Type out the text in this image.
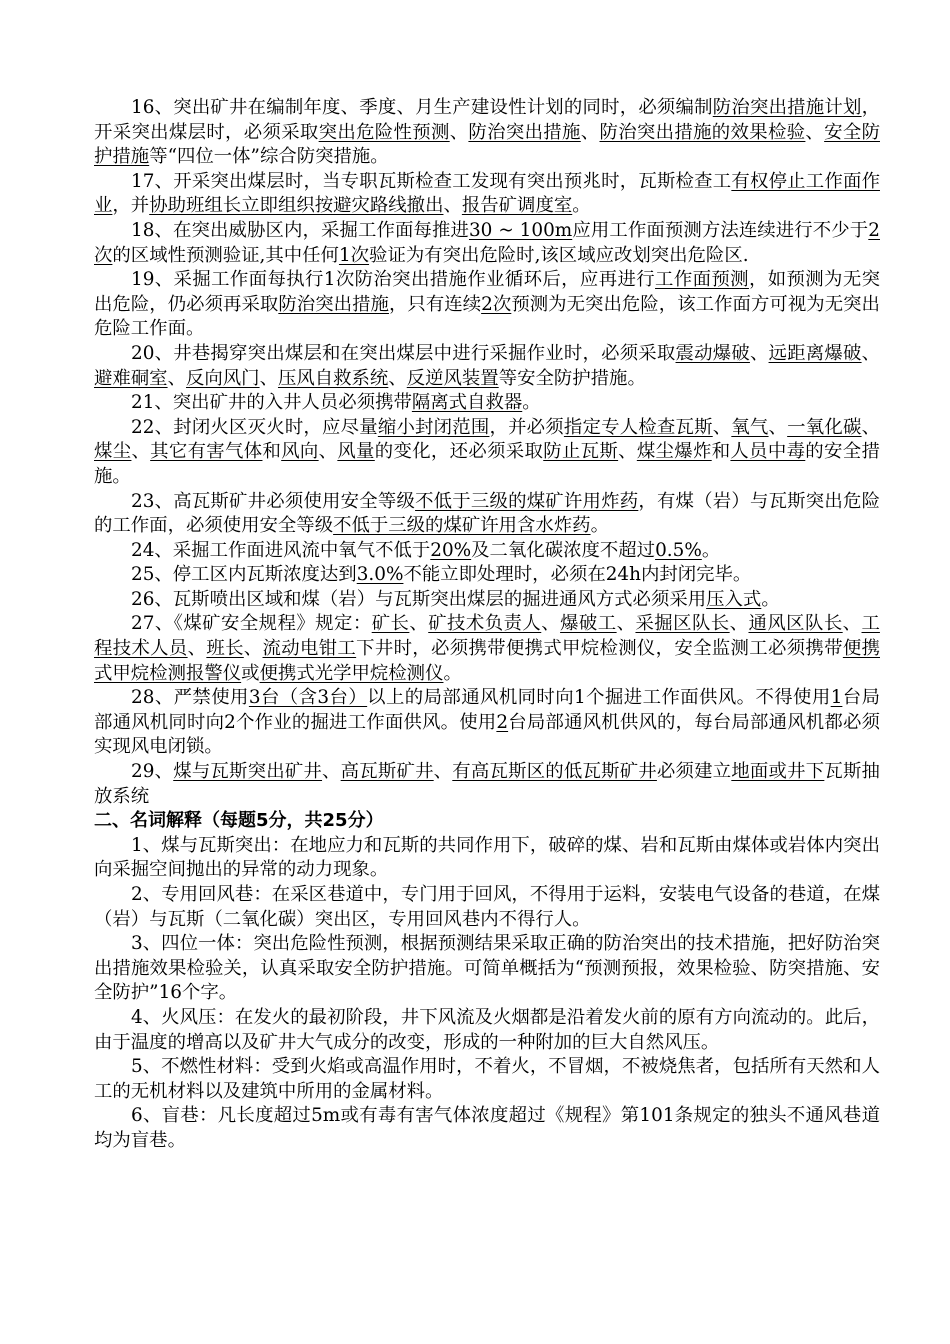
16、突出矿井在编制年度、季度、月生产建设性计划的同时，必须编制防治突出措施计划，开采突出煤层时，必须采取突出危险性预测、防治突出措施、防治突出措施的效果检验、安全防护措施等“四位一体”综合防突措施。

17、开采突出煤层时，当专职瓦斯检查工发现有突出预兆时，瓦斯检查工有权停止工作面作业，并协助班组长立即组织按避灾路线撤出、报告矿调度室。

18、在突出威胁区内，采掘工作面每推进30 ~ 100m应用工作面预测方法连续进行不少于2次的区域性预测验证,其中任何1次验证为有突出危险时,该区域应改划突出危险区.

19、采掘工作面每执行1次防治突出措施作业循环后，应再进行工作面预测，如预测为无突出危险，仍必须再采取防治突出措施，只有连续2次预测为无突出危险，该工作面方可视为无突出危险工作面。

20、井巷揭穿突出煤层和在突出煤层中进行采掘作业时，必须采取震动爆破、远距离爆破、避难硐室、反向风门、压风自救系统、反逆风装置等安全防护措施。

21、突出矿井的入井人员必须携带隔离式自救器。

22、封闭火区灭火时，应尽量缩小封闭范围，并必须指定专人检查瓦斯、氧气、一氧化碳、煤尘、其它有害气体和风向、风量的变化，还必须采取防止瓦斯、煤尘爆炸和人员中毒的安全措施。

23、高瓦斯矿井必须使用安全等级不低于三级的煤矿许用炸药，有煤（岩）与瓦斯突出危险的工作面，必须使用安全等级不低于三级的煤矿许用含水炸药。

24、采掘工作面进风流中氧气不低于20%及二氧化碳浓度不超过0.5%。

25、停工区内瓦斯浓度达到3.0%不能立即处理时，必须在24h内封闭完毕。

26、瓦斯喷出区域和煤（岩）与瓦斯突出煤层的掘进通风方式必须采用压入式。

27、《煤矿安全规程》规定：矿长、矿技术负责人、爆破工、采掘区队长、通风区队长、工程技术人员、班长、流动电钳工下井时，必须携带便携式甲烷检测仪，安全监测工必须携带便携式甲烷检测报警仪或便携式光学甲烷检测仪。

28、严禁使用3台（含3台）以上的局部通风机同时向1个掘进工作面供风。不得使用1台局部通风机同时向2个作业的掘进工作面供风。使用2台局部通风机供风的，每台局部通风机都必须实现风电闭锁。

29、煤与瓦斯突出矿井、高瓦斯矿井、有高瓦斯区的低瓦斯矿井必须建立地面或井下瓦斯抽放系统

二、名词解释（每题5分，共25分）

1、煤与瓦斯突出：在地应力和瓦斯的共同作用下，破碎的煤、岩和瓦斯由煤体或岩体内突出向采掘空间抛出的异常的动力现象。

2、专用回风巷：在采区巷道中，专门用于回风，不得用于运料，安装电气设备的巷道，在煤（岩）与瓦斯（二氧化碳）突出区，专用回风巷内不得行人。

3、四位一体：突出危险性预测，根据预测结果采取正确的防治突出的技术措施，把好防治突出措施效果检验关，认真采取安全防护措施。可简单概括为“预测预报，效果检验、防突措施、安全防护”16个字。

4、火风压：在发火的最初阶段，井下风流及火烟都是沿着发火前的原有方向流动的。此后，由于温度的增高以及矿井大气成分的改变，形成的一种附加的巨大自然风压。

5、不燃性材料：受到火焰或高温作用时，不着火，不冒烟，不被烧焦者，包括所有天然和人工的无机材料以及建筑中所用的金属材料。

6、盲巷：凡长度超过5m或有毒有害气体浓度超过《规程》第101条规定的独头不通风巷道均为盲巷。
